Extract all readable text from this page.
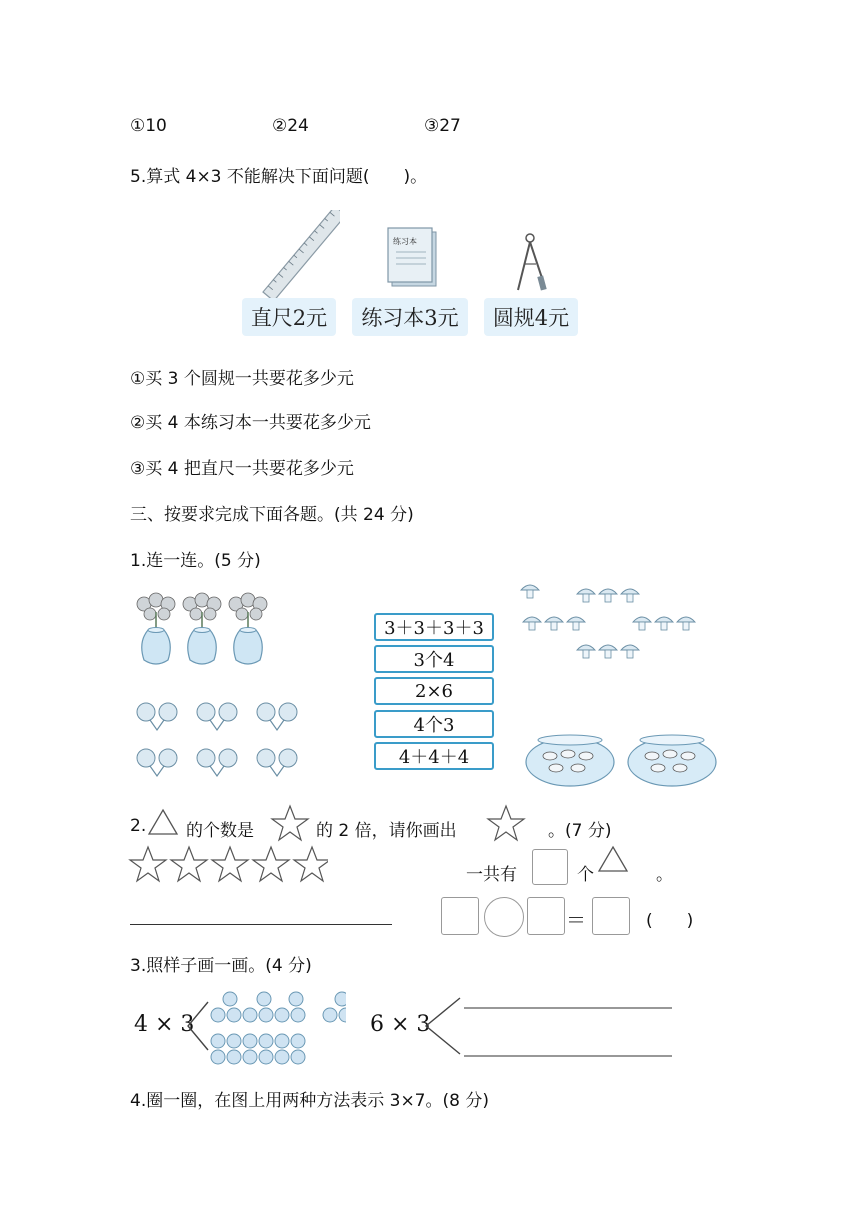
①10	②24	③27
5.算式 4×3 不能解决下面问题(　　)。
练习本
直尺2元	练习本3元	圆规4元
①买 3 个圆规一共要花多少元
②买 4 本练习本一共要花多少元
③买 4 把直尺一共要花多少元
三、按要求完成下面各题。(共 24 分)
1.连一连。(5 分)
3＋3＋3＋3
3个4
2×6
4个3
4＋4＋4
2. 的个数是	的 2 倍，请你画出	。(7 分)
一共有	个	。
＝	(　　)
3.照样子画一画。(4 分)
4 × 3	6 × 3
4.圈一圈，在图上用两种方法表示 3×7。(8 分)
